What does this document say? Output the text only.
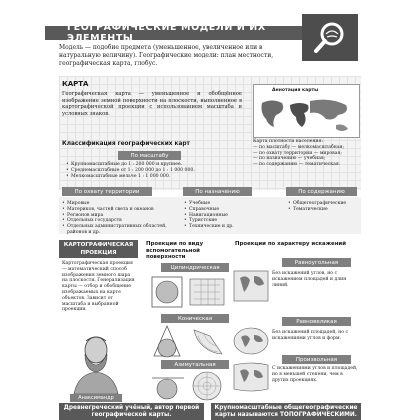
ГЕОГРАФИЧЕСКИЕ МОДЕЛИ И ИХ ЭЛЕМЕНТЫ
Модель — подобие предмета (уменьшенное, увеличенное или в натуральную величину). Географические модели: план местности, географическая карта, глобус.
КАРТА
Географическая карта — уменьшенное и обобщённое изображение земной поверхности на плоскости, выполненное в картографической проекции с использованием масштаба и условных знаков.
Аннотация карты
Карта плотности населения:
— по масштабу — мелкомасштабная;
— по охвату территории — мировая;
— по назначению — учебная;
— по содержанию — тематическая.
Классификация географических карт
По масштабу
• Крупномасштабные до 1 : 200 000 и крупнее.
• Среднемасштабные от 1 : 200 000 до 1 : 1 000 000.
• Мелкомасштабные мельче 1 : 1 000 000.
По охвату территории	По назначению	По содержанию
• Мировые
• Материков, частей света и океанов
• Регионов мира
• Отдельных государств
• Отдельных административных областей, районов и др.
• Учебные
• Справочные
• Навигационные
• Туристские
• Технические и др.
• Общегеографические
• Тематические
КАРТОГРАФИЧЕСКАЯ ПРОЕКЦИЯ
Картографическая проекция — математический способ изображения земного шара на плоскости. Генерализация карты — отбор и обобщение изображаемых на карте объектов. Зависит от масштаба и выбранной проекции.
Анаксимандр
Проекции по виду вспомогательной поверхности
Цилиндрическая
Коническая
Азимутальная
Проекции по характеру искажений
Равноугольная
Без искажений углов, но с искажением площадей и длин линий.
Равновеликая
Без искажений площадей, но с искажениями углов и форм.
Произвольная
С искажениями углов и площадей, но в меньшей степени, чем в других проекциях.
Древнегреческий учёный, автор первой географической карты.
Крупномасштабные общегеографические карты называются ТОПОГРАФИЧЕСКИМИ.
